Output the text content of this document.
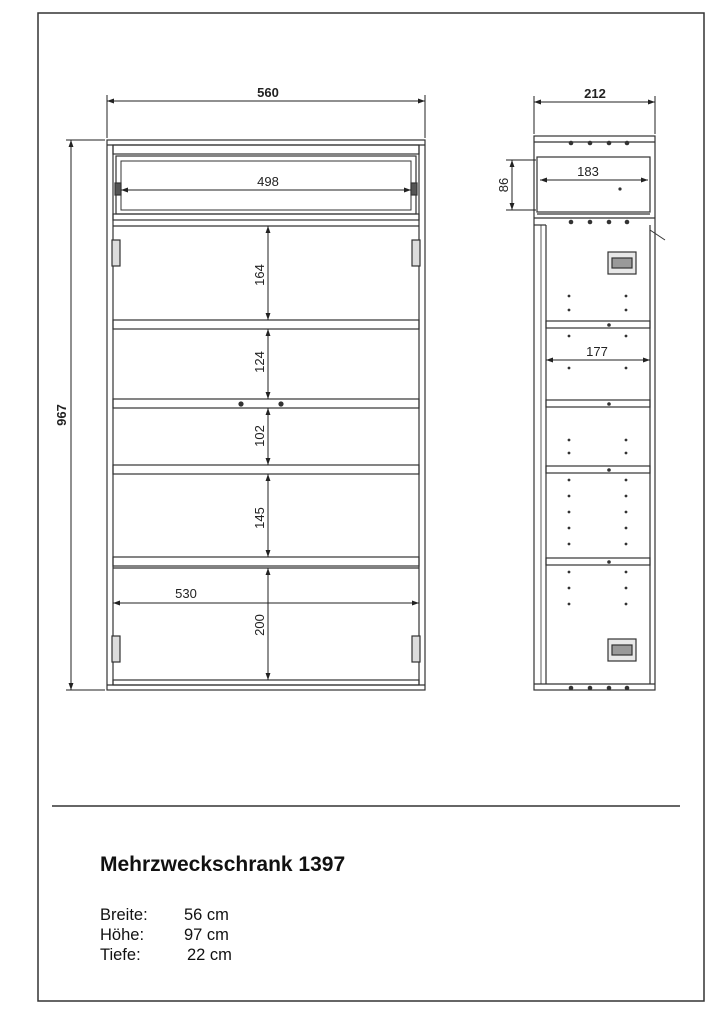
560
967
498
164
124
102
145
200
530
212
86
183
177
Mehrzweckschrank 1397
Breite:	56 cm
Höhe:	97 cm
Tiefe:	22 cm
